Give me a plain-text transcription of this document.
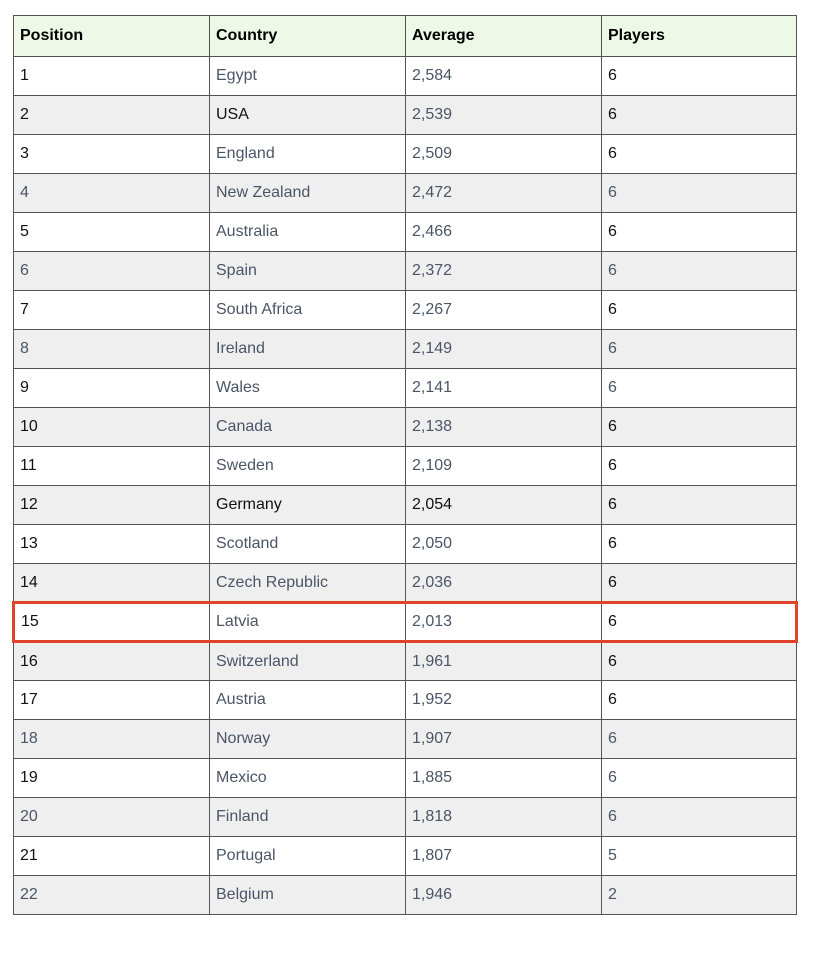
Position	Country	Average	Players
1	Egypt	2,584	6
2	USA	2,539	6
3	England	2,509	6
4	New Zealand	2,472	6
5	Australia	2,466	6
6	Spain	2,372	6
7	South Africa	2,267	6
8	Ireland	2,149	6
9	Wales	2,141	6
10	Canada	2,138	6
11	Sweden	2,109	6
12	Germany	2,054	6
13	Scotland	2,050	6
14	Czech Republic	2,036	6
15	Latvia	2,013	6
16	Switzerland	1,961	6
17	Austria	1,952	6
18	Norway	1,907	6
19	Mexico	1,885	6
20	Finland	1,818	6
21	Portugal	1,807	5
22	Belgium	1,946	2
